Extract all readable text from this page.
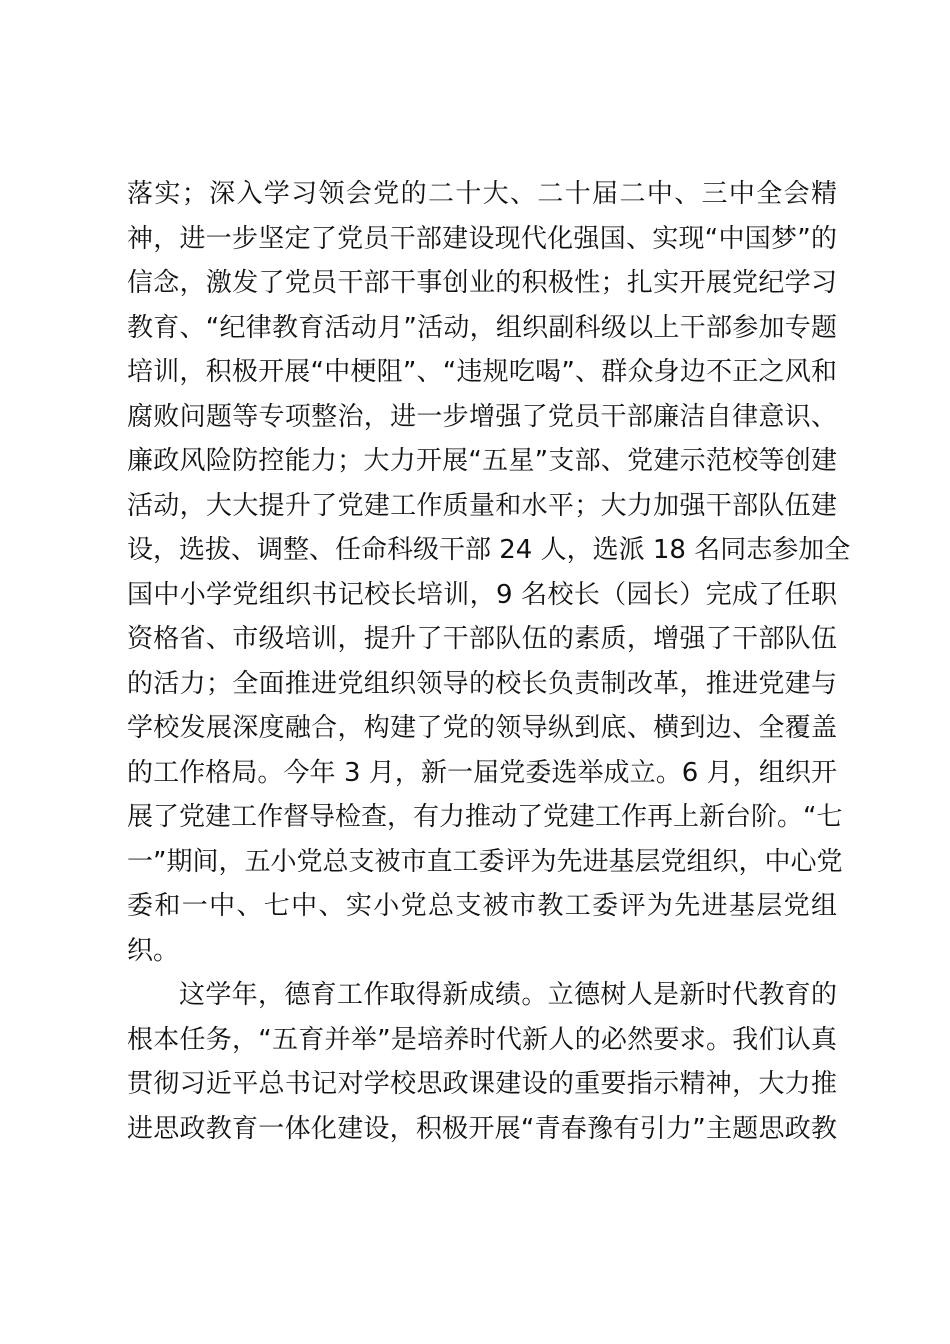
落实；深入学习领会党的二十大、二十届二中、三中全会精
神，进一步坚定了党员干部建设现代化强国、实现“中国梦”的
信念，激发了党员干部干事创业的积极性；扎实开展党纪学习
教育、“纪律教育活动月”活动，组织副科级以上干部参加专题
培训，积极开展“中梗阻”、“违规吃喝”、群众身边不正之风和
腐败问题等专项整治，进一步增强了党员干部廉洁自律意识、
廉政风险防控能力；大力开展“五星”支部、党建示范校等创建
活动，大大提升了党建工作质量和水平；大力加强干部队伍建
设，选拔、调整、任命科级干部 24 人，选派 18 名同志参加全
国中小学党组织书记校长培训，9 名校长（园长）完成了任职
资格省、市级培训，提升了干部队伍的素质，增强了干部队伍
的活力；全面推进党组织领导的校长负责制改革，推进党建与
学校发展深度融合，构建了党的领导纵到底、横到边、全覆盖
的工作格局。今年 3 月，新一届党委选举成立。6 月，组织开
展了党建工作督导检查，有力推动了党建工作再上新台阶。“七
一”期间，五小党总支被市直工委评为先进基层党组织，中心党
委和一中、七中、实小党总支被市教工委评为先进基层党组
织。
这学年，德育工作取得新成绩。立德树人是新时代教育的
根本任务，“五育并举”是培养时代新人的必然要求。我们认真
贯彻习近平总书记对学校思政课建设的重要指示精神，大力推
进思政教育一体化建设，积极开展“青春豫有引力”主题思政教
